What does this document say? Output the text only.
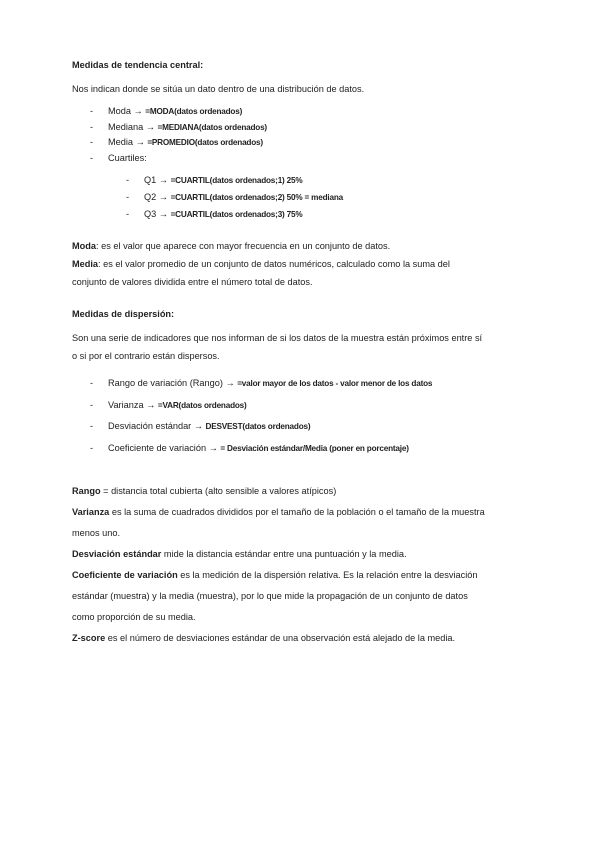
Medidas de tendencia central:

Nos indican donde se sitúa un dato dentro de una distribución de datos.

- Moda → =MODA(datos ordenados)
- Mediana → =MEDIANA(datos ordenados)
- Media → =PROMEDIO(datos ordenados)
- Cuartiles:
- Q1 → =CUARTIL(datos ordenados;1) 25%
- Q2 → =CUARTIL(datos ordenados;2) 50% = mediana
- Q3 → =CUARTIL(datos ordenados;3) 75%

Moda: es el valor que aparece con mayor frecuencia en un conjunto de datos.

Media: es el valor promedio de un conjunto de datos numéricos, calculado como la suma del

conjunto de valores dividida entre el número total de datos.

Medidas de dispersión:

Son una serie de indicadores que nos informan de si los datos de la muestra están próximos entre sí

o si por el contrario están dispersos.

- Rango de variación (Rango) → =valor mayor de los datos - valor menor de los datos
- Varianza → =VAR(datos ordenados)
- Desviación estándar → DESVEST(datos ordenados)
- Coeficiente de variación → = Desviación estándar/Media (poner en porcentaje)

Rango = distancia total cubierta (alto sensible a valores atípicos)

Varianza es la suma de cuadrados divididos por el tamaño de la población o el tamaño de la muestra

menos uno.

Desviación estándar mide la distancia estándar entre una puntuación y la media.

Coeficiente de variación es la medición de la dispersión relativa. Es la relación entre la desviación

estándar (muestra) y la media (muestra), por lo que mide la propagación de un conjunto de datos

como proporción de su media.

Z-score es el número de desviaciones estándar de una observación está alejado de la media.
